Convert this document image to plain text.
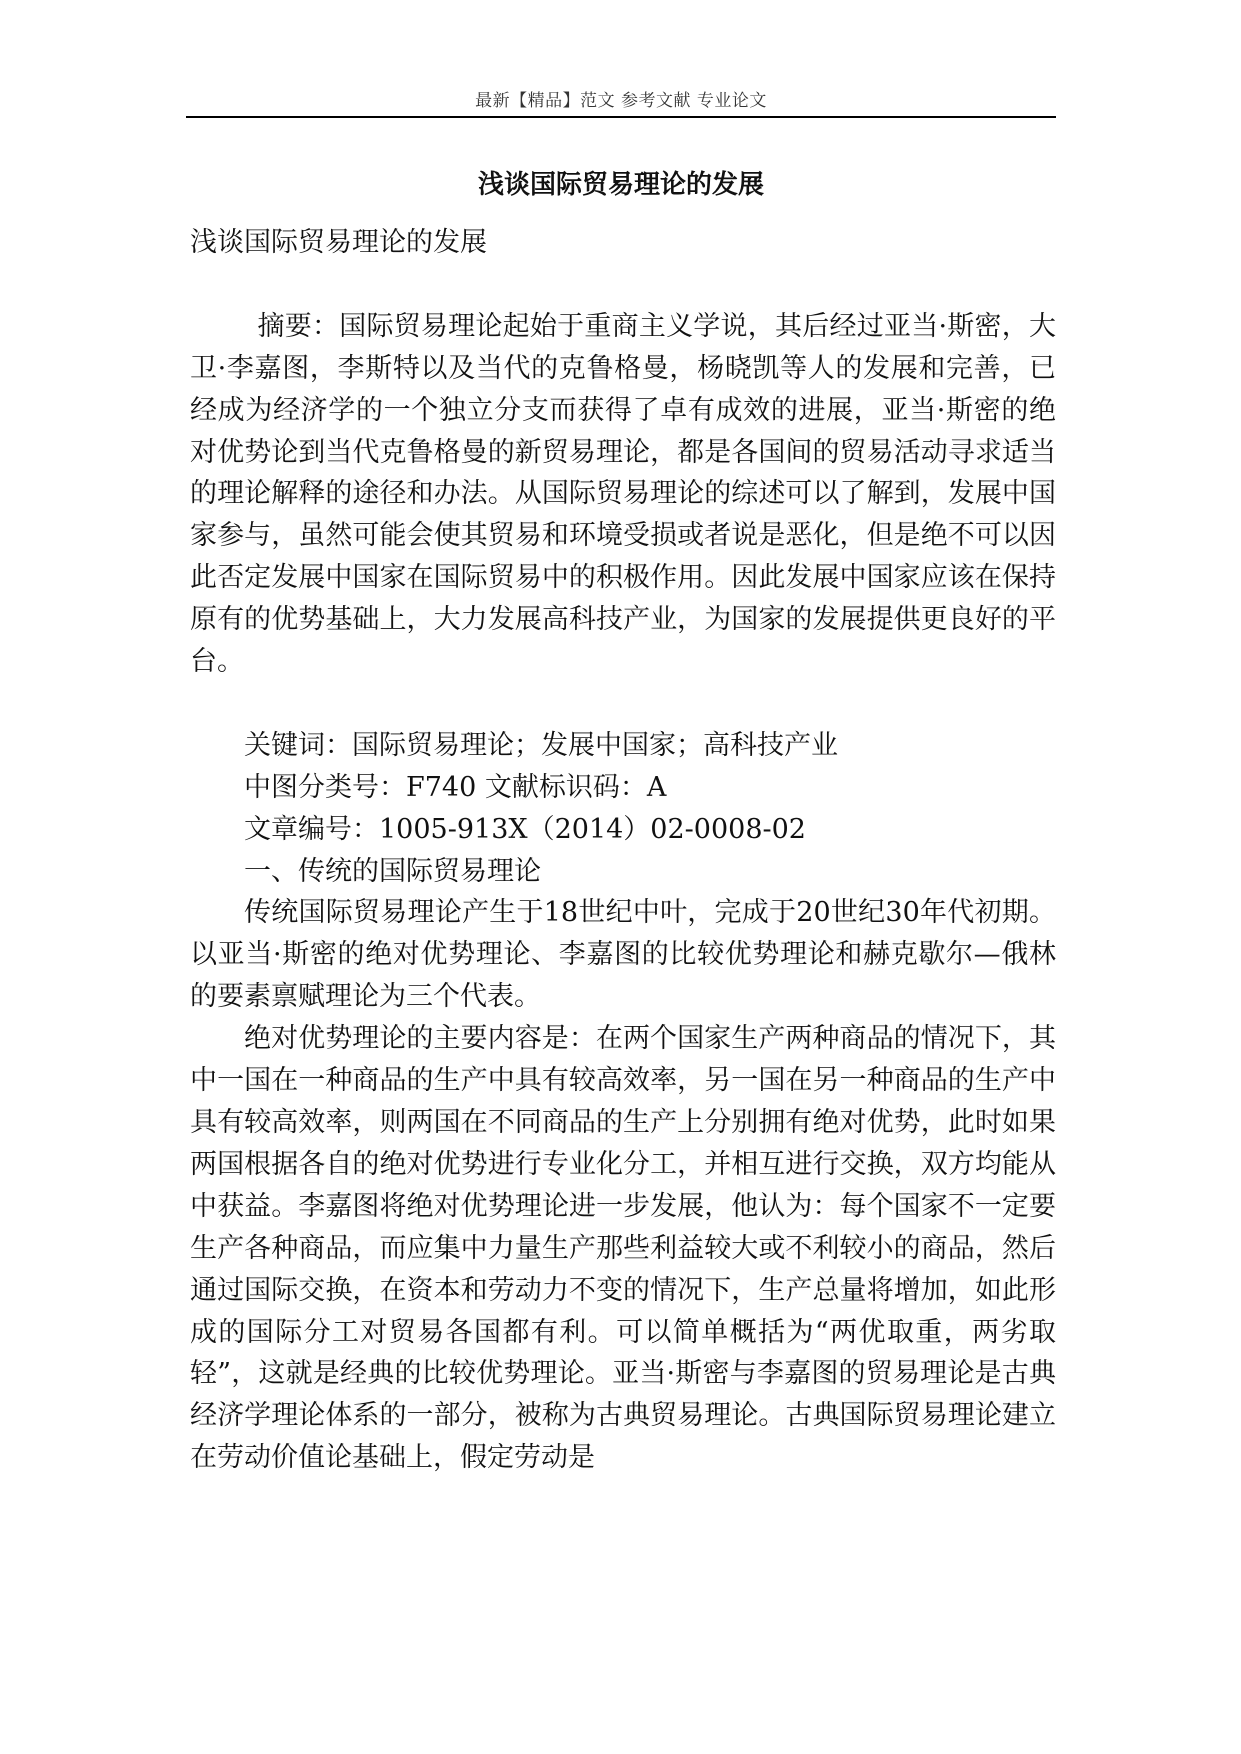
最新【精品】范文 参考文献 专业论文
浅谈国际贸易理论的发展

浅谈国际贸易理论的发展

摘要：国际贸易理论起始于重商主义学说，其后经过亚当·斯密，大卫·李嘉图，李斯特以及当代的克鲁格曼，杨晓凯等人的发展和完善，已经成为经济学的一个独立分支而获得了卓有成效的进展，亚当·斯密的绝对优势论到当代克鲁格曼的新贸易理论，都是各国间的贸易活动寻求适当的理论解释的途径和办法。从国际贸易理论的综述可以了解到，发展中国家参与，虽然可能会使其贸易和环境受损或者说是恶化，但是绝不可以因此否定发展中国家在国际贸易中的积极作用。因此发展中国家应该在保持原有的优势基础上，大力发展高科技产业，为国家的发展提供更良好的平台。

关键词：国际贸易理论；发展中国家；高科技产业

中图分类号：F740 文献标识码：A

文章编号：1005-913X（2014）02-0008-02

一、传统的国际贸易理论

传统国际贸易理论产生于18世纪中叶，完成于20世纪30年代初期。以亚当·斯密的绝对优势理论、李嘉图的比较优势理论和赫克歇尔—俄林的要素禀赋理论为三个代表。

绝对优势理论的主要内容是：在两个国家生产两种商品的情况下，其中一国在一种商品的生产中具有较高效率，另一国在另一种商品的生产中具有较高效率，则两国在不同商品的生产上分别拥有绝对优势，此时如果两国根据各自的绝对优势进行专业化分工，并相互进行交换，双方均能从中获益。李嘉图将绝对优势理论进一步发展，他认为：每个国家不一定要生产各种商品，而应集中力量生产那些利益较大或不利较小的商品，然后通过国际交换，在资本和劳动力不变的情况下，生产总量将增加，如此形成的国际分工对贸易各国都有利。可以简单概括为“两优取重，两劣取轻”，这就是经典的比较优势理论。亚当·斯密与李嘉图的贸易理论是古典经济学理论体系的一部分，被称为古典贸易理论。古典国际贸易理论建立在劳动价值论基础上，假定劳动是
